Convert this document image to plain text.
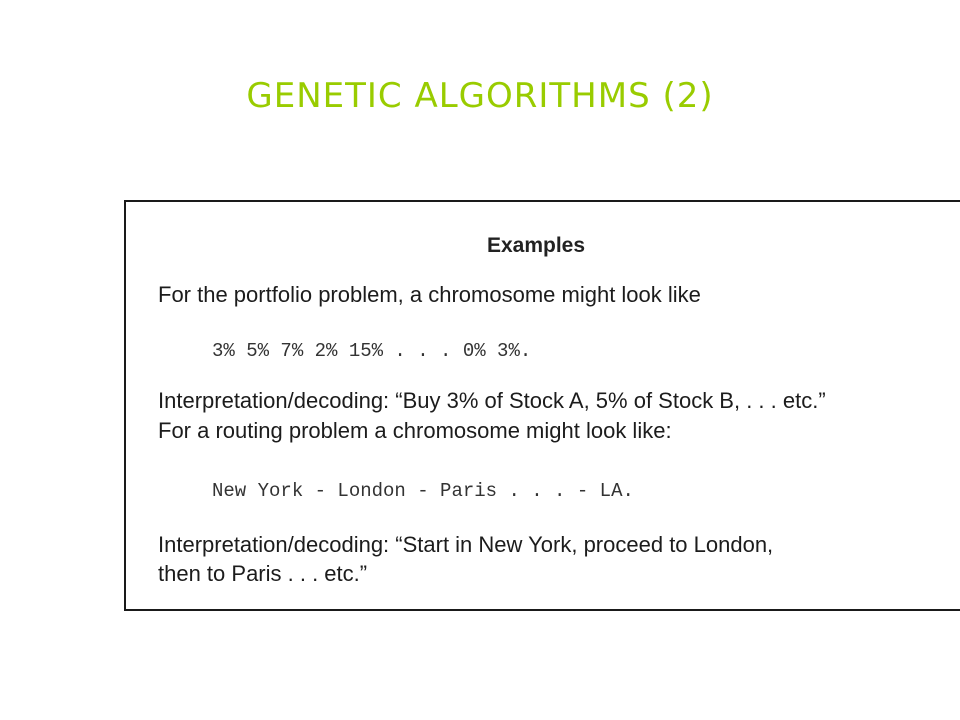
GENETIC ALGORITHMS (2)
Examples
For the portfolio problem, a chromosome might look like
3% 5% 7% 2% 15% . . . 0% 3%.
Interpretation/decoding: “Buy 3% of Stock A, 5% of Stock B, . . . etc.”
For a routing problem a chromosome might look like:
New York - London - Paris . . . - LA.
Interpretation/decoding: “Start in New York, proceed to London,
then to Paris . . . etc.”
